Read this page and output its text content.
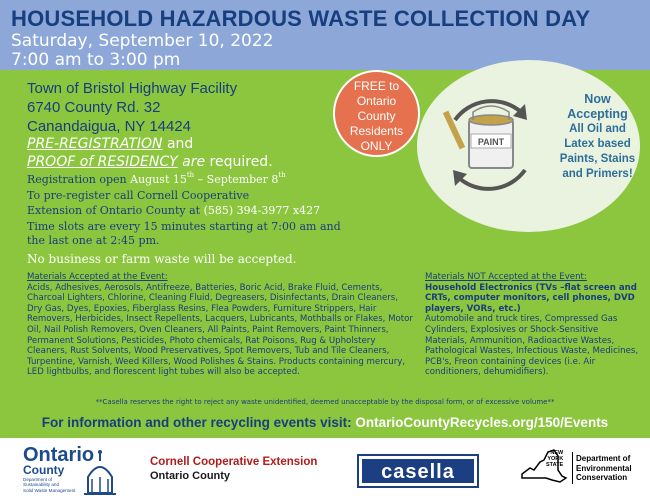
HOUSEHOLD HAZARDOUS WASTE COLLECTION DAY
Saturday, September 10, 2022
7:00 am to 3:00 pm
Town of Bristol Highway Facility
6740 County Rd. 32
Canandaigua, NY 14424
PRE-REGISTRATION and
PROOF of RESIDENCY are required.
Registration open August 15th – September 8th
To pre-register call Cornell Cooperative
Extension of Ontario County at (585) 394-3977 x427
Time slots are every 15 minutes starting at 7:00 am and
the last one at 2:45 pm.
No business or farm waste will be accepted.
PAINT
Now
Accepting
All Oil and
Latex based
Paints, Stains
and Primers!
FREE to
Ontario
County
Residents
ONLY
Materials Accepted at the Event:
Acids, Adhesives, Aerosols, Antifreeze, Batteries, Boric Acid, Brake Fluid, Cements, Charcoal Lighters, Chlorine, Cleaning Fluid, Degreasers, Disinfectants, Drain Cleaners, Dry Gas, Dyes, Epoxies, Fiberglass Resins, Flea Powders, Furniture Strippers, Hair Removers, Herbicides, Insect Repellents, Lacquers, Lubricants, Mothballs or Flakes, Motor Oil, Nail Polish Removers, Oven Cleaners, All Paints, Paint Removers, Paint Thinners, Permanent Solutions, Pesticides, Photo chemicals, Rat Poisons, Rug & Upholstery Cleaners, Rust Solvents, Wood Preservatives, Spot Removers, Tub and Tile Cleaners, Turpentine, Varnish, Weed Killers, Wood Polishes & Stains. Products containing mercury, LED lightbulbs, and florescent light tubes will also be accepted.
Materials NOT Accepted at the Event:
Household Electronics (TVs –flat screen and CRTs, computer monitors, cell phones, DVD players, VORs, etc.)
Automobile and truck tires, Compressed Gas Cylinders, Explosives or Shock-Sensitive Materials, Ammunition, Radioactive Wastes, Pathological Wastes, Infectious Waste, Medicines, PCB's, Freon containing devices (i.e. Air conditioners, dehumidifiers).
**Casella reserves the right to reject any waste unidentified, deemed unacceptable by the disposal form, or of excessive volume**
For information and other recycling events visit: OntarioCountyRecycles.org/150/Events
Ontario
County
Department of
Sustainability and
Solid Waste Management
Cornell Cooperative Extension
Ontario County	casella
NEW
YORK
STATE
Department of
Environmental
Conservation
